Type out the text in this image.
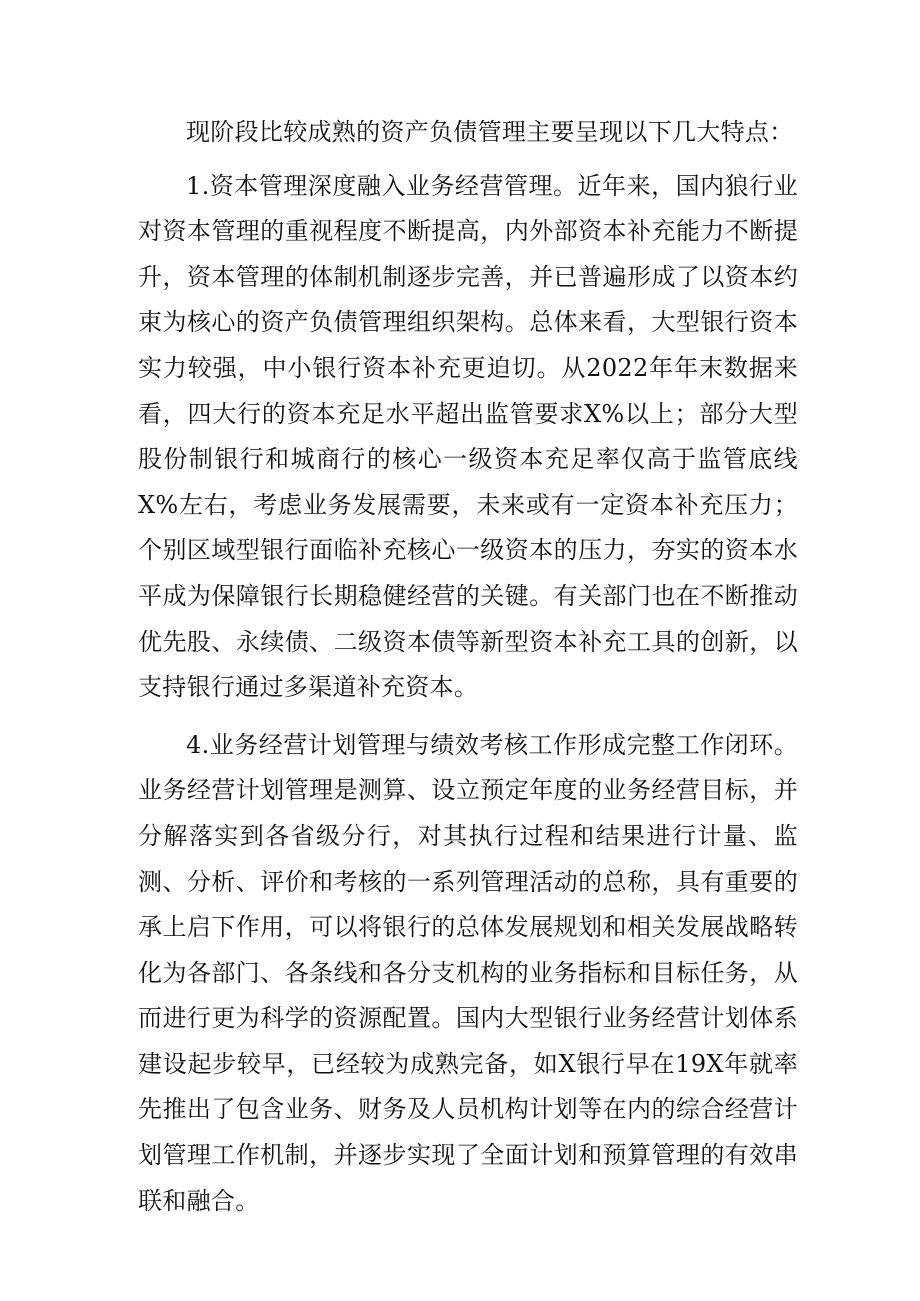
现阶段比较成熟的资产负债管理主要呈现以下几大特点：

1.资本管理深度融入业务经营管理。近年来，国内狼行业对资本管理的重视程度不断提高，内外部资本补充能力不断提升，资本管理的体制机制逐步完善，并已普遍形成了以资本约束为核心的资产负债管理组织架构。总体来看，大型银行资本实力较强，中小银行资本补充更迫切。从2022年年末数据来看，四大行的资本充足水平超出监管要求X%以上；部分大型股份制银行和城商行的核心一级资本充足率仅高于监管底线X%左右，考虑业务发展需要，未来或有一定资本补充压力；个别区域型银行面临补充核心一级资本的压力，夯实的资本水平成为保障银行长期稳健经营的关键。有关部门也在不断推动优先股、永续债、二级资本债等新型资本补充工具的创新，以支持银行通过多渠道补充资本。

4.业务经营计划管理与绩效考核工作形成完整工作闭环。业务经营计划管理是测算、设立预定年度的业务经营目标，并分解落实到各省级分行，对其执行过程和结果进行计量、监测、分析、评价和考核的一系列管理活动的总称，具有重要的承上启下作用，可以将银行的总体发展规划和相关发展战略转化为各部门、各条线和各分支机构的业务指标和目标任务，从而进行更为科学的资源配置。国内大型银行业务经营计划体系建设起步较早，已经较为成熟完备，如X银行早在19X年就率先推出了包含业务、财务及人员机构计划等在内的综合经营计划管理工作机制，并逐步实现了全面计划和预算管理的有效串联和融合。
